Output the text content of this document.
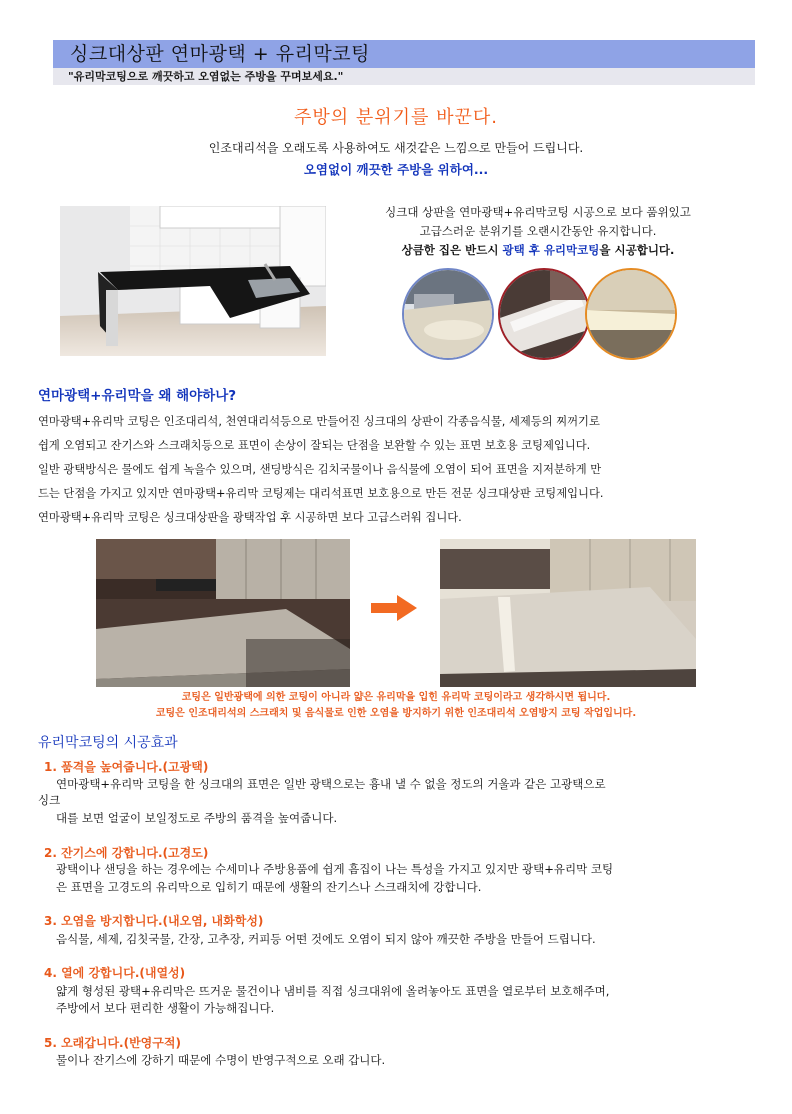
싱크대상판 연마광택 + 유리막코팅
"유리막코팅으로 깨끗하고 오염없는 주방을 꾸며보세요."
주방의 분위기를 바꾼다.
인조대리석을 오래도록 사용하여도 새것같은 느낌으로 만들어 드립니다.
오염없이 깨끗한 주방을 위하여...
싱크대 상판을 연마광택+유리막코팅 시공으로 보다 품위있고
고급스러운 분위기를 오랜시간동안 유지합니다.
상큼한 집은 반드시 광택 후 유리막코팅을 시공합니다.
연마광택+유리막을 왜 해야하나?
연마광택+유리막 코팅은 인조대리석, 천연대리석등으로 만들어진 싱크대의 상판이 각종음식물, 세제등의 찌꺼기로
쉽게 오염되고 잔기스와 스크래치등으로 표면이 손상이 잘되는 단점을 보완할 수 있는 표면 보호용 코팅제입니다.
일반 광택방식은 물에도 쉽게 녹을수 있으며, 샌딩방식은 김치국물이나 음식물에 오염이 되어 표면을 지저분하게 만
드는 단점을 가지고 있지만 연마광택+유리막 코팅제는 대리석표면 보호용으로 만든 전문 싱크대상판 코팅제입니다.
연마광택+유리막 코팅은 싱크대상판을 광택작업 후 시공하면 보다 고급스러워 집니다.
코팅은 일반광택에 의한 코팅이 아니라 얇은 유리막을 입힌 유리막 코팅이라고 생각하시면 됩니다.
코팅은 인조대리석의 스크래치 및 음식물로 인한 오염을 방지하기 위한 인조대리석 오염방지 코팅 작업입니다.
유리막코팅의 시공효과
1. 품격을 높여줍니다.(고광택)
연마광택+유리막 코팅을 한 싱크대의 표면은 일반 광택으로는 흉내 낼 수 없을 정도의 거울과 같은 고광택으로
싱크
대를 보면 얼굴이 보일정도로 주방의 품격을 높여줍니다.
2. 잔기스에 강합니다.(고경도)
광택이나 샌딩을 하는 경우에는 수세미나 주방용품에 쉽게 흠집이 나는 특성을 가지고 있지만 광택+유리막 코팅
은 표면을 고경도의 유리막으로 입히기 때문에 생활의 잔기스나 스크래치에 강합니다.
3. 오염을 방지합니다.(내오염, 내화학성)
음식물, 세제, 김칫국물, 간장, 고추장, 커피등 어떤 것에도 오염이 되지 않아 깨끗한 주방을 만들어 드립니다.
4. 열에 강합니다.(내열성)
얇게 형성된 광택+유리막은 뜨거운 물건이나 냄비를 직접 싱크대위에 올려놓아도 표면을 열로부터 보호해주며,
주방에서 보다 편리한 생활이 가능해집니다.
5. 오래갑니다.(반영구적)
물이나 잔기스에 강하기 때문에 수명이 반영구적으로 오래 갑니다.
